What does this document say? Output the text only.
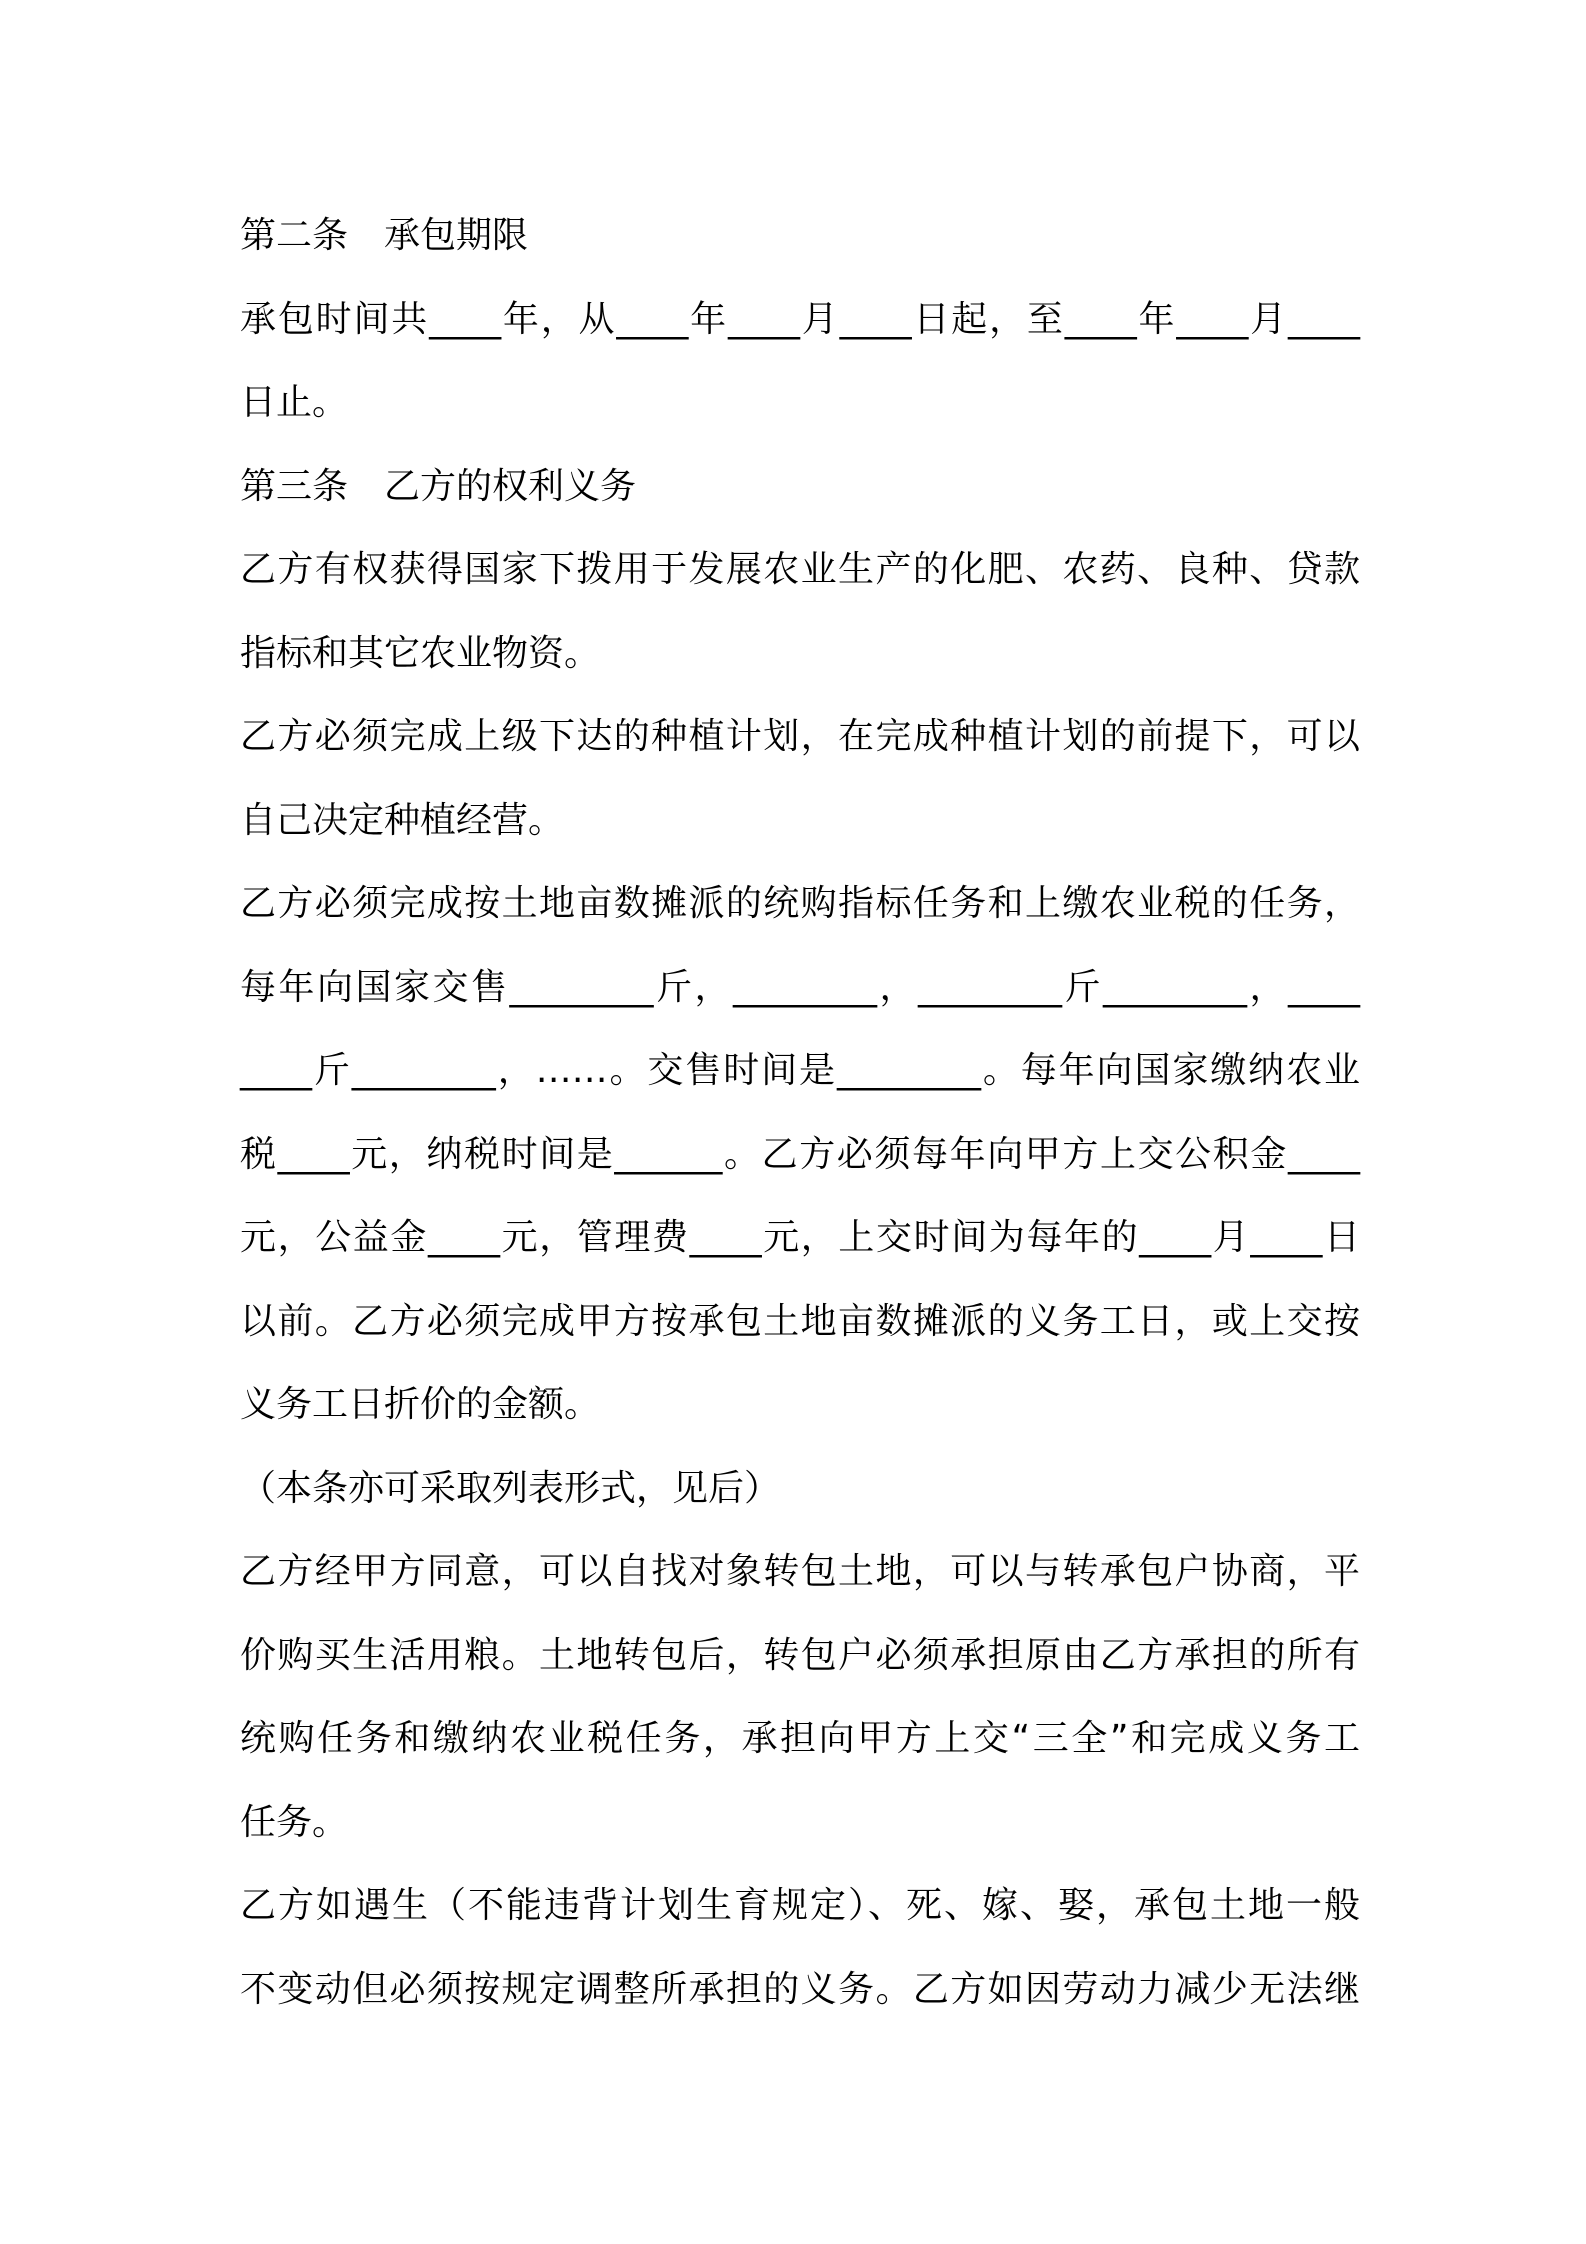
第二条　承包期限
承包时间共____年，从____年____月____日起，至____年____月____
日止。
第三条　乙方的权利义务
乙方有权获得国家下拨用于发展农业生产的化肥、农药、良种、贷款
指标和其它农业物资。
乙方必须完成上级下达的种植计划，在完成种植计划的前提下，可以
自己决定种植经营。
乙方必须完成按土地亩数摊派的统购指标任务和上缴农业税的任务，
每年向国家交售________斤，________，________斤________，____
____斤________，……。交售时间是________。每年向国家缴纳农业
税____元，纳税时间是______。乙方必须每年向甲方上交公积金____
元，公益金____元，管理费____元，上交时间为每年的____月____日
以前。乙方必须完成甲方按承包土地亩数摊派的义务工日，或上交按
义务工日折价的金额。
（本条亦可采取列表形式，见后）
乙方经甲方同意，可以自找对象转包土地，可以与转承包户协商，平
价购买生活用粮。土地转包后，转包户必须承担原由乙方承担的所有
统购任务和缴纳农业税任务，承担向甲方上交“三全”和完成义务工
任务。
乙方如遇生（不能违背计划生育规定）、死、嫁、娶，承包土地一般
不变动但必须按规定调整所承担的义务。乙方如因劳动力减少无法继
